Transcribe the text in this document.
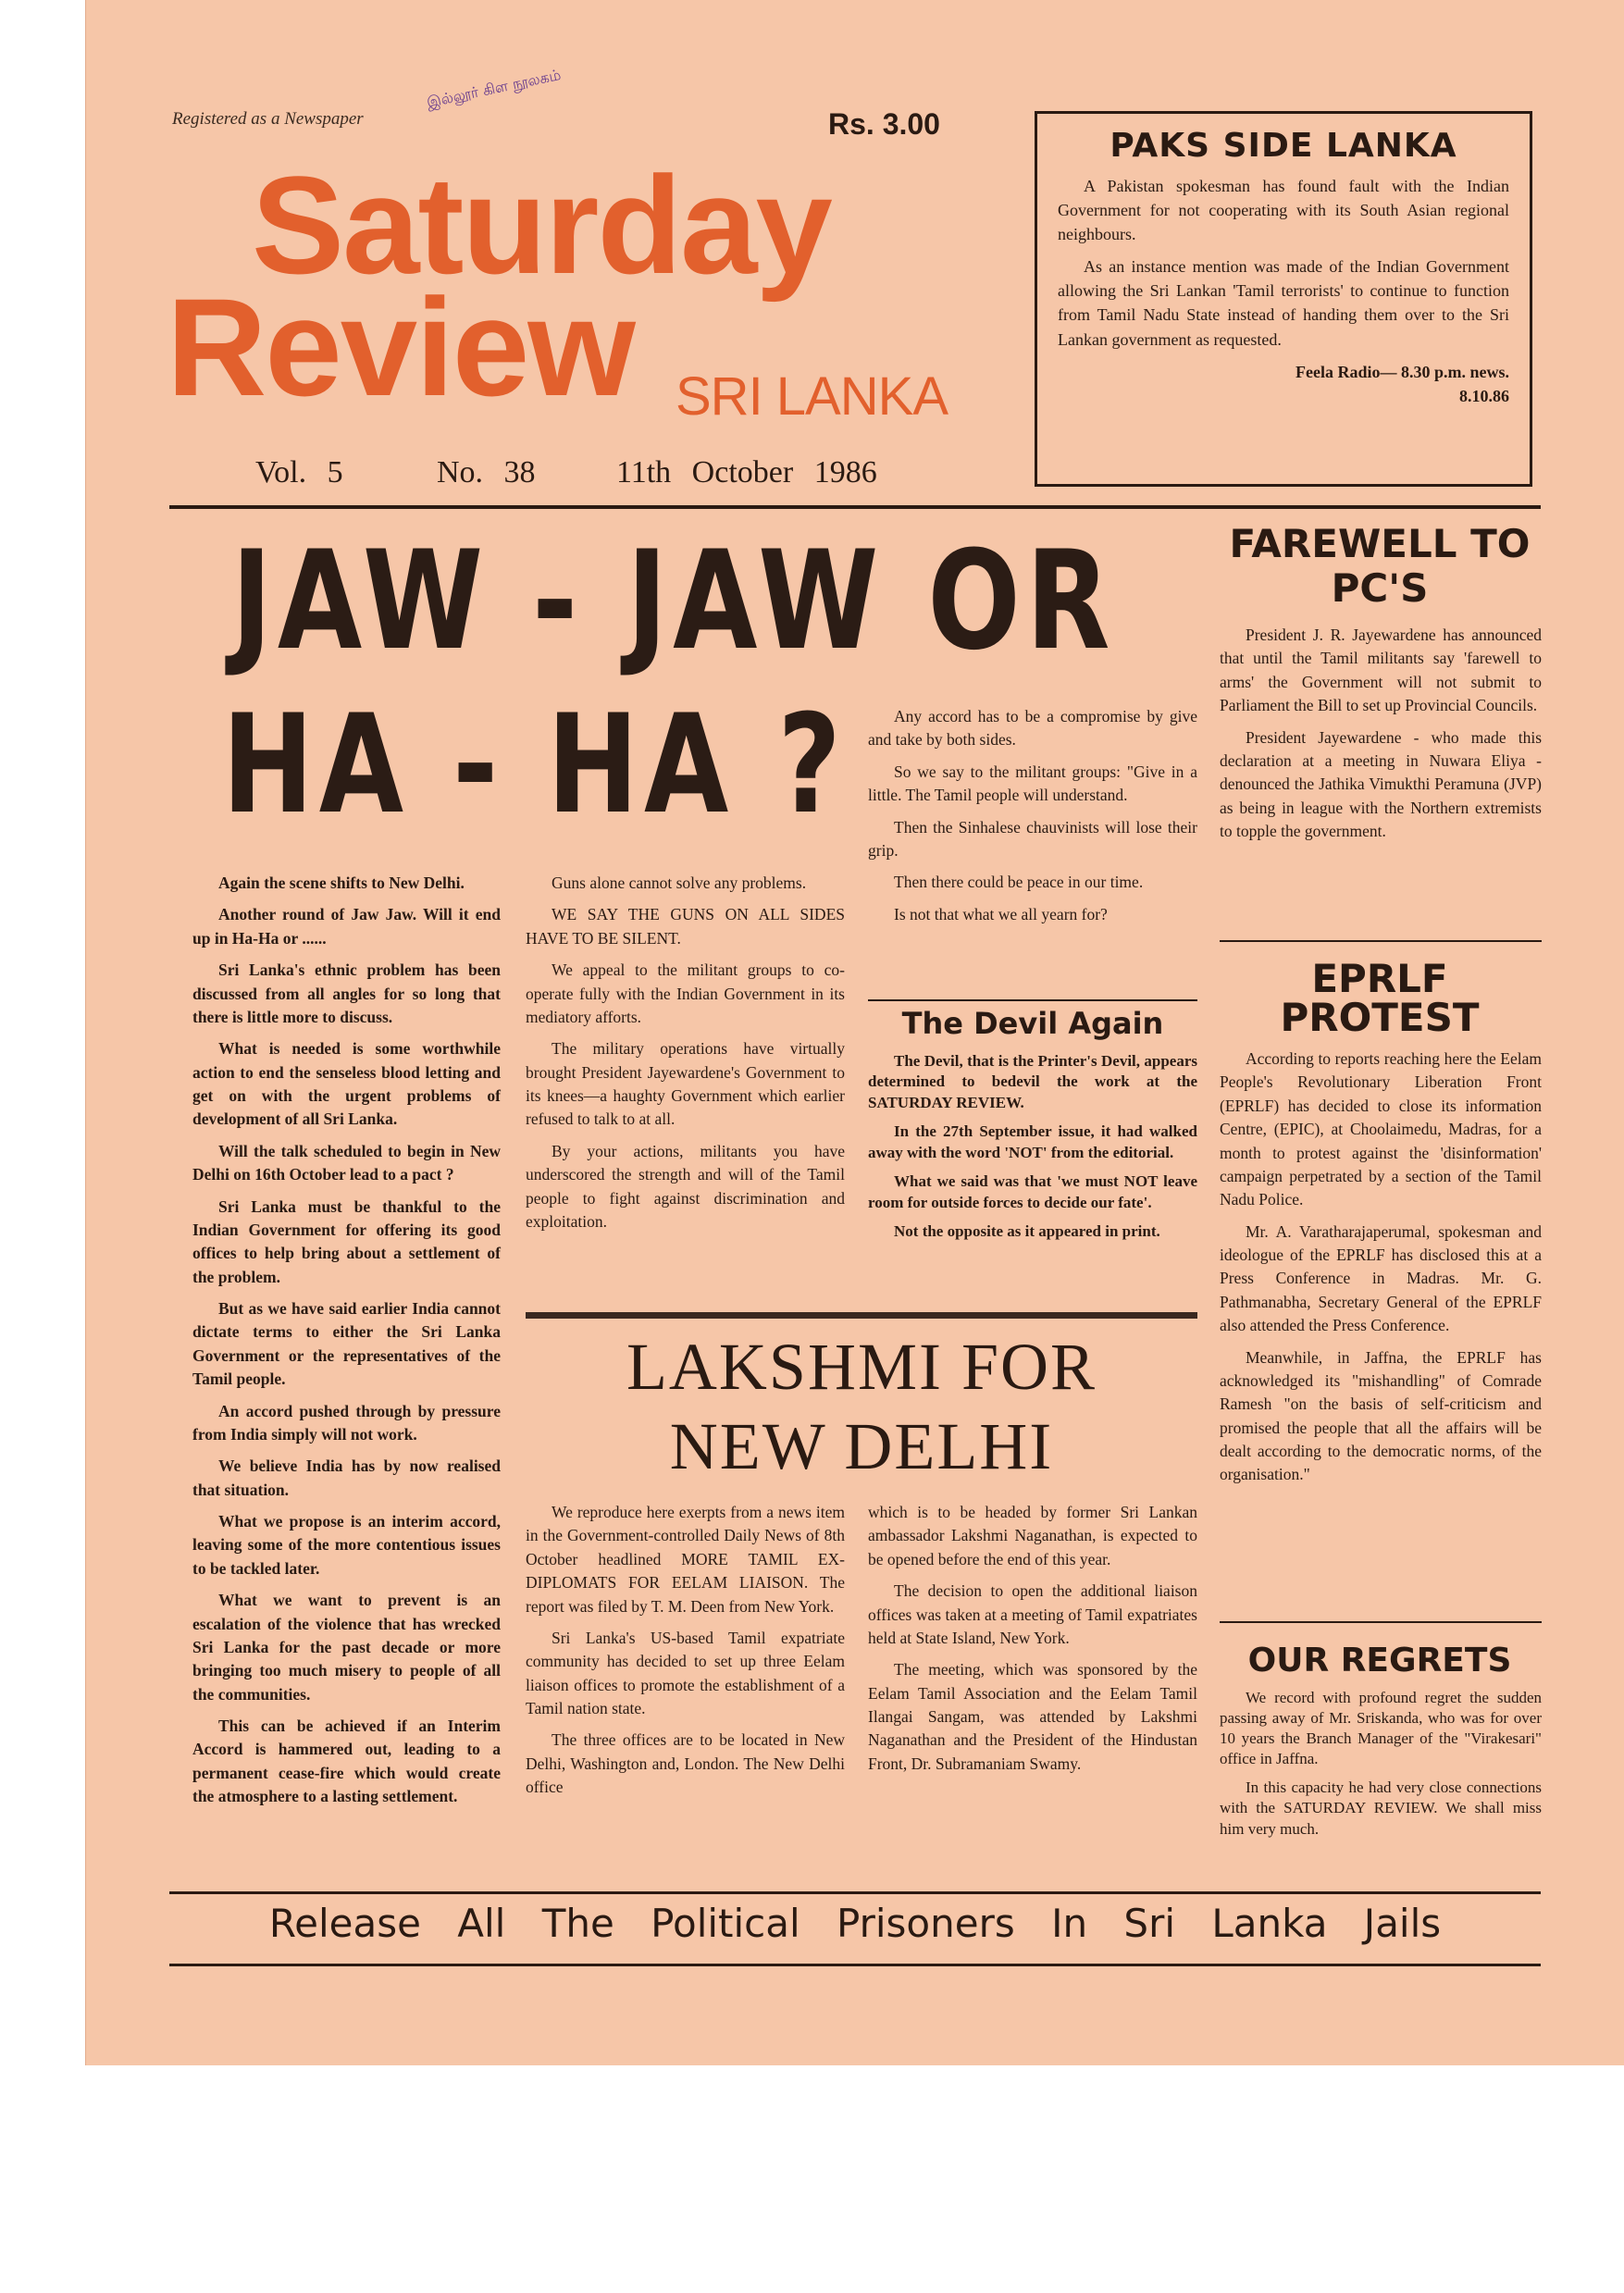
Registered as a Newspaper
இல்லூர் கிள நூலகம்
Rs. 3.00
Saturday
Review SRI LANKA
Vol. 5	No. 38	11th October 1986
PAKS SIDE LANKA

A Pakistan spokesman has found fault with the Indian Government for not cooperating with its South Asian regional neighbours.

As an instance mention was made of the Indian Government allowing the Sri Lankan 'Tamil terrorists' to continue to function from Tamil Nadu State instead of handing them over to the Sri Lankan government as requested.

Feela Radio— 8.30 p.m. news.
8.10.86
JAW - JAW OR
HA - HA ?

Again the scene shifts to New Delhi.

Another round of Jaw Jaw. Will it end up in Ha-Ha or ......

Sri Lanka's ethnic problem has been discussed from all angles for so long that there is little more to discuss.

What is needed is some worthwhile action to end the senseless blood letting and get on with the urgent problems of development of all Sri Lanka.

Will the talk scheduled to begin in New Delhi on 16th October lead to a pact ?

Sri Lanka must be thankful to the Indian Government for offering its good offices to help bring about a settlement of the problem.

But as we have said earlier India cannot dictate terms to either the Sri Lanka Government or the representatives of the Tamil people.

An accord pushed through by pressure from India simply will not work.

We believe India has by now realised that situation.

What we propose is an interim accord, leaving some of the more contentious issues to be tackled later.

What we want to prevent is an escalation of the violence that has wrecked Sri Lanka for the past decade or more bringing too much misery to people of all the communities.

This can be achieved if an Interim Accord is hammered out, leading to a permanent cease-fire which would create the atmosphere to a lasting settlement.

Guns alone cannot solve any problems.

WE SAY THE GUNS ON ALL SIDES HAVE TO BE SILENT.

We appeal to the militant groups to co-operate fully with the Indian Government in its mediatory afforts.

The military operations have virtually brought President Jayewardene's Government to its knees—a haughty Government which earlier refused to talk to at all.

By your actions, militants you have underscored the strength and will of the Tamil people to fight against discrimination and exploitation.

Any accord has to be a compromise by give and take by both sides.

So we say to the militant groups: "Give in a little. The Tamil people will understand.

Then the Sinhalese chauvinists will lose their grip.

Then there could be peace in our time.

Is not that what we all yearn for?

The Devil Again

The Devil, that is the Printer's Devil, appears determined to bedevil the work at the SATURDAY REVIEW.

In the 27th September issue, it had walked away with the word 'NOT' from the editorial.

What we said was that 'we must NOT leave room for outside forces to decide our fate'.

Not the opposite as it appeared in print.

LAKSHMI FOR
NEW DELHI

We reproduce here exerpts from a news item in the Government-controlled Daily News of 8th October headlined MORE TAMIL EX-DIPLOMATS FOR EELAM LIAISON. The report was filed by T. M. Deen from New York.

Sri Lanka's US-based Tamil expatriate community has decided to set up three Eelam liaison offices to promote the establishment of a Tamil nation state.

The three offices are to be located in New Delhi, Washington and, London. The New Delhi office

which is to be headed by former Sri Lankan ambassador Lakshmi Naganathan, is expected to be opened before the end of this year.

The decision to open the additional liaison offices was taken at a meeting of Tamil expatriates held at State Island, New York.

The meeting, which was sponsored by the Eelam Tamil Association and the Eelam Tamil Ilangai Sangam, was attended by Lakshmi Naganathan and the President of the Hindustan Front, Dr. Subramaniam Swamy.

FAREWELL TO
PC'S

President J. R. Jayewardene has announced that until the Tamil militants say 'farewell to arms' the Government will not submit to Parliament the Bill to set up Provincial Councils.

President Jayewardene - who made this declaration at a meeting in Nuwara Eliya -denounced the Jathika Vimukthi Peramuna (JVP) as being in league with the Northern extremists to topple the government.

EPRLF
PROTEST

According to reports reaching here the Eelam People's Revolutionary Liberation Front (EPRLF) has decided to close its information Centre, (EPIC), at Choolaimedu, Madras, for a month to protest against the 'disinformation' campaign perpetrated by a section of the Tamil Nadu Police.

Mr. A. Varatharajaperumal, spokesman and ideologue of the EPRLF has disclosed this at a Press Conference in Madras. Mr. G. Pathmanabha, Secretary General of the EPRLF also attended the Press Conference.

Meanwhile, in Jaffna, the EPRLF has acknowledged its "mishandling" of Comrade Ramesh "on the basis of self-criticism and promised the people that all the affairs will be dealt according to the democratic norms, of the organisation."

OUR REGRETS

We record with profound regret the sudden passing away of Mr. Sriskanda, who was for over 10 years the Branch Manager of the "Virakesari" office in Jaffna.

In this capacity he had very close connections with the SATURDAY REVIEW. We shall miss him very much.

Release All The Political Prisoners In Sri Lanka Jails
